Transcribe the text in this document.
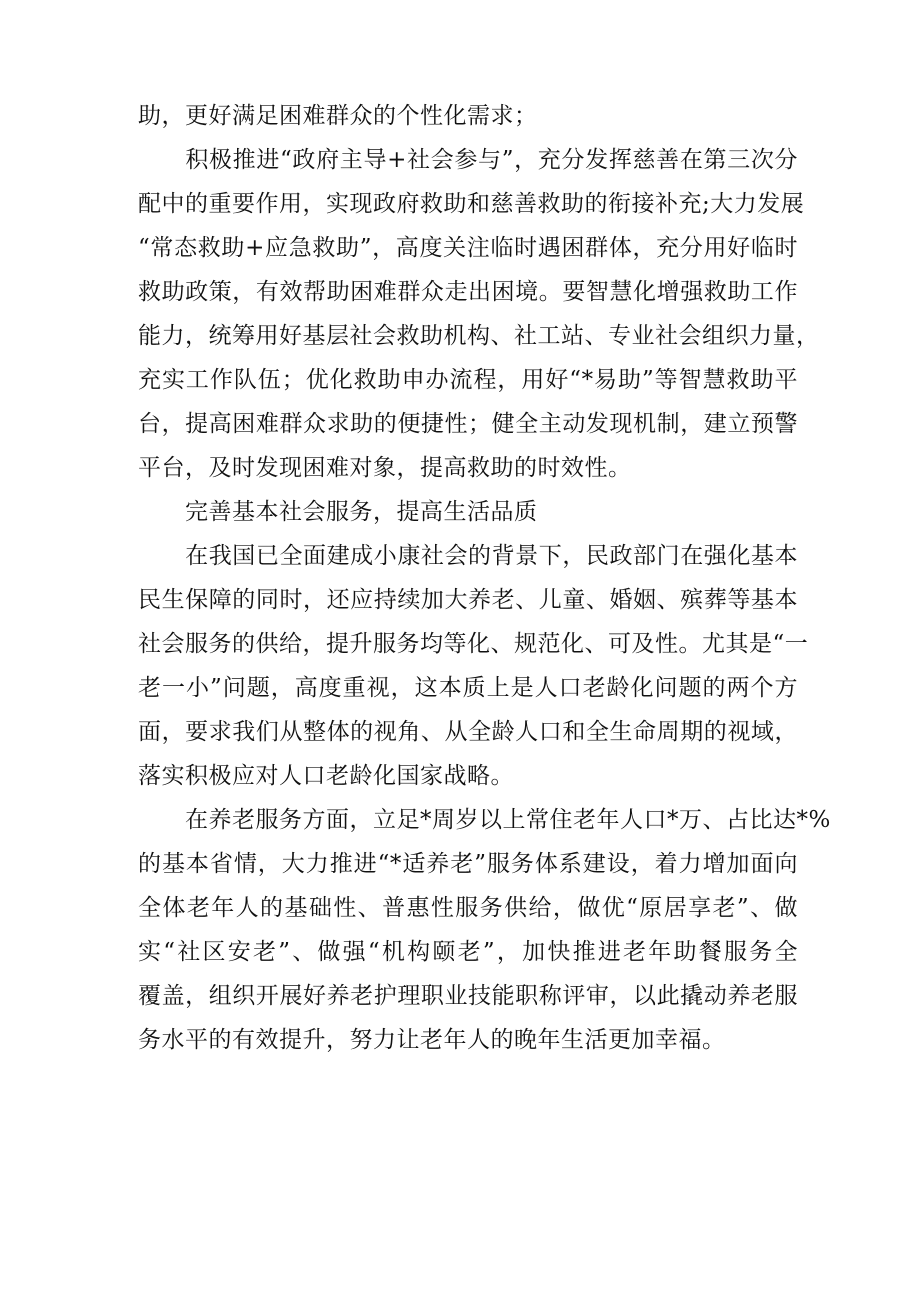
助，更好满足困难群众的个性化需求；
　　积极推进“政府主导+社会参与”，充分发挥慈善在第三次分
配中的重要作用，实现政府救助和慈善救助的衔接补充;大力发展
“常态救助+应急救助”，高度关注临时遇困群体，充分用好临时
救助政策，有效帮助困难群众走出困境。要智慧化增强救助工作
能力，统筹用好基层社会救助机构、社工站、专业社会组织力量，
充实工作队伍；优化救助申办流程，用好“*易助”等智慧救助平
台，提高困难群众求助的便捷性；健全主动发现机制，建立预警
平台，及时发现困难对象，提高救助的时效性。
　　完善基本社会服务，提高生活品质
　　在我国已全面建成小康社会的背景下，民政部门在强化基本
民生保障的同时，还应持续加大养老、儿童、婚姻、殡葬等基本
社会服务的供给，提升服务均等化、规范化、可及性。尤其是“一
老一小”问题，高度重视，这本质上是人口老龄化问题的两个方
面，要求我们从整体的视角、从全龄人口和全生命周期的视域，
落实积极应对人口老龄化国家战略。
　　在养老服务方面，立足*周岁以上常住老年人口*万、占比达*%
的基本省情，大力推进“*适养老”服务体系建设，着力增加面向
全体老年人的基础性、普惠性服务供给，做优“原居享老”、做
实“社区安老”、做强“机构颐老”，加快推进老年助餐服务全
覆盖，组织开展好养老护理职业技能职称评审，以此撬动养老服
务水平的有效提升，努力让老年人的晚年生活更加幸福。
